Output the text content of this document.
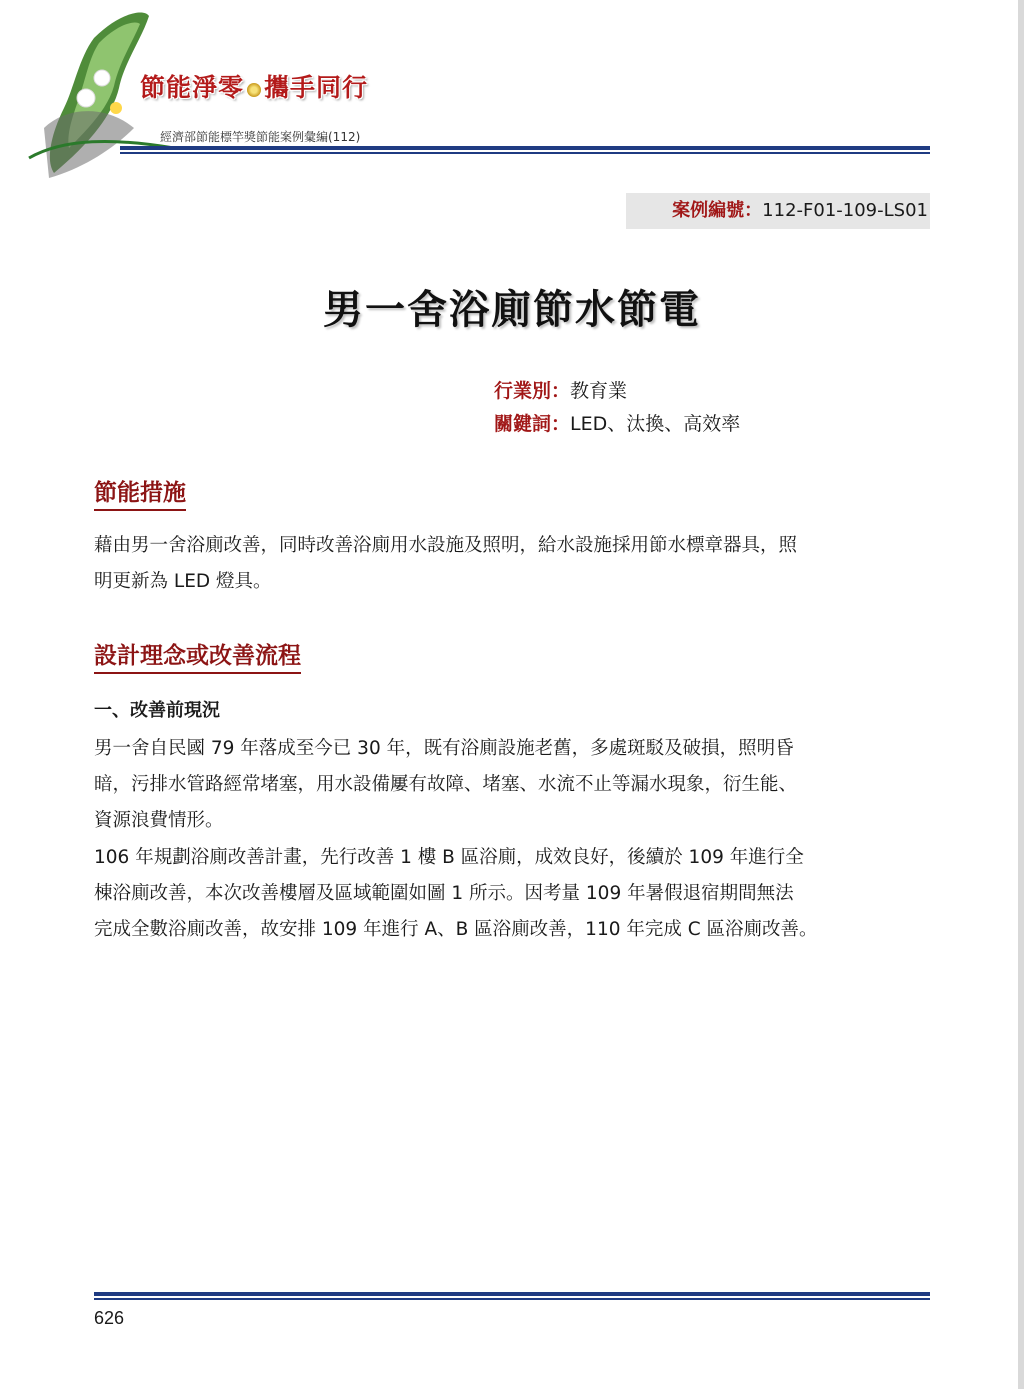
節能淨零 攜手同行
經濟部節能標竿獎節能案例彙編(112)
案例編號：112-F01-109-LS01
男一舍浴廁節水節電
行業別：教育業
關鍵詞：LED、汰換、高效率
節能措施
藉由男一舍浴廁改善，同時改善浴廁用水設施及照明，給水設施採用節水標章器具，照
明更新為 LED 燈具。
設計理念或改善流程
一、改善前現況
男一舍自民國 79 年落成至今已 30 年，既有浴廁設施老舊，多處斑駁及破損，照明昏
暗，污排水管路經常堵塞，用水設備屢有故障、堵塞、水流不止等漏水現象，衍生能、
資源浪費情形。
106 年規劃浴廁改善計畫，先行改善 1 樓 B 區浴廁，成效良好，後續於 109 年進行全
棟浴廁改善，本次改善樓層及區域範圍如圖 1 所示。因考量 109 年暑假退宿期間無法
完成全數浴廁改善，故安排 109 年進行 A、B 區浴廁改善，110 年完成 C 區浴廁改善。
626
